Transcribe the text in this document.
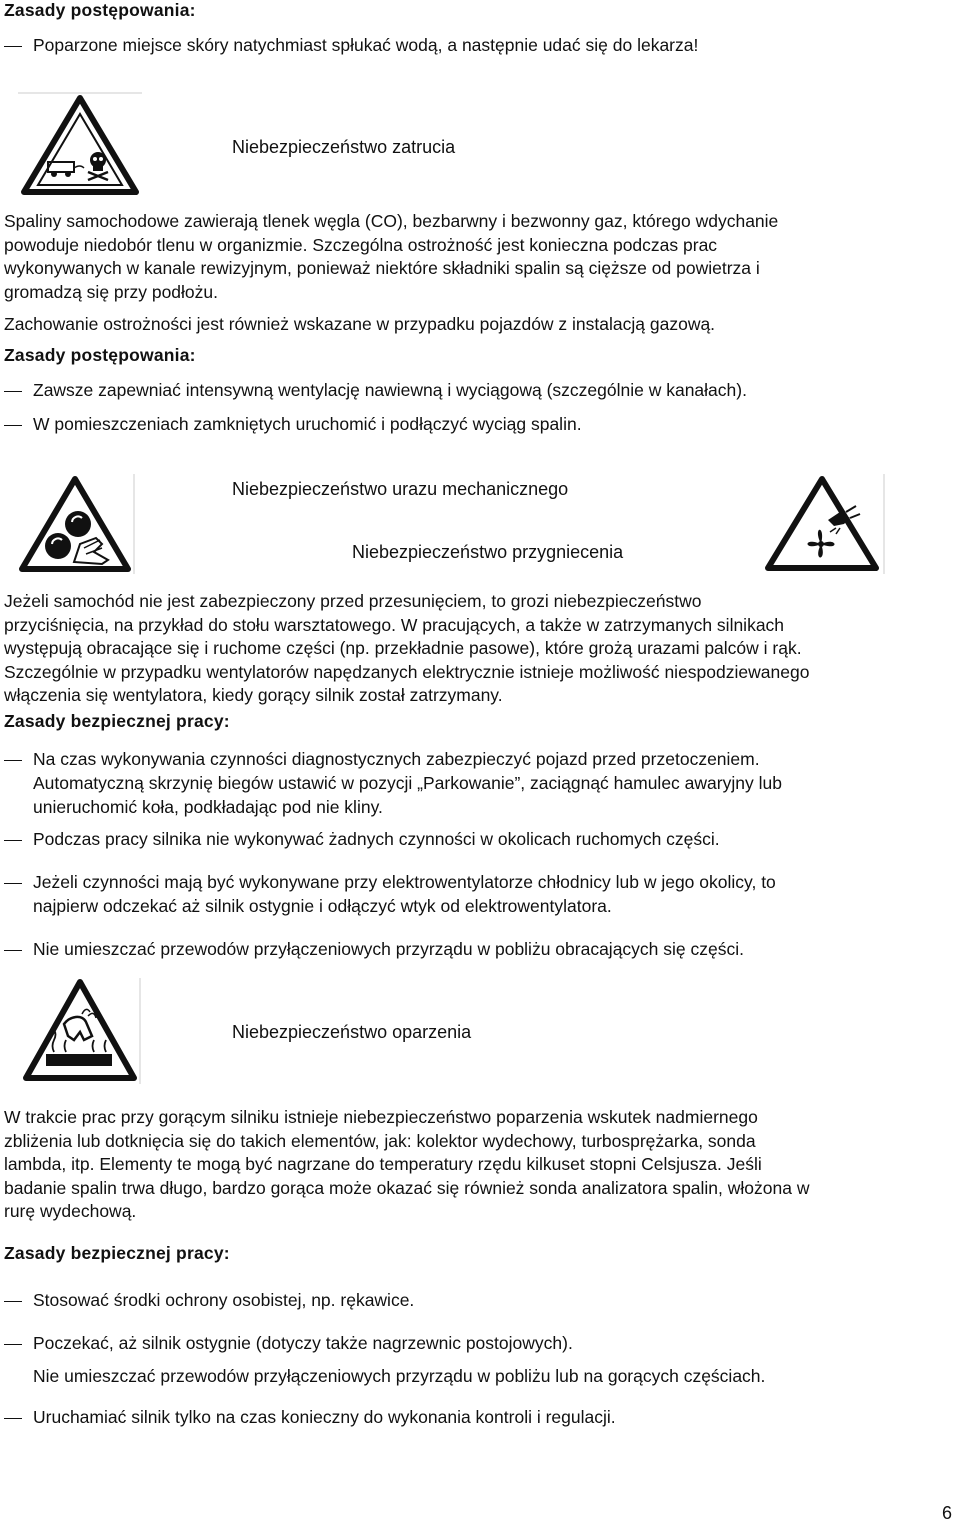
Zasady postępowania:
Poparzone miejsce skóry natychmiast spłukać wodą, a następnie udać się do lekarza!
Niebezpieczeństwo zatrucia
Spaliny samochodowe zawierają tlenek węgla (CO), bezbarwny i bezwonny gaz, którego wdychanie
powoduje niedobór tlenu w organizmie. Szczególna ostrożność jest konieczna podczas prac
wykonywanych w kanale rewizyjnym, ponieważ niektóre składniki spalin są cięższe od powietrza i
gromadzą się przy podłożu.
Zachowanie ostrożności jest również wskazane w przypadku pojazdów z instalacją gazową.
Zasady postępowania:
Zawsze zapewniać intensywną wentylację nawiewną i wyciągową (szczególnie w kanałach).
W pomieszczeniach zamkniętych uruchomić i podłączyć wyciąg spalin.
Niebezpieczeństwo urazu mechanicznego
Niebezpieczeństwo przygniecenia
Jeżeli samochód nie jest zabezpieczony przed przesunięciem, to grozi niebezpieczeństwo
przyciśnięcia, na przykład do stołu warsztatowego. W pracujących, a także w zatrzymanych silnikach
występują obracające się i ruchome części (np. przekładnie pasowe), które grożą urazami palców i rąk.
Szczególnie w przypadku wentylatorów napędzanych elektrycznie istnieje możliwość niespodziewanego
włączenia się wentylatora, kiedy gorący silnik został zatrzymany.
Zasady bezpiecznej pracy:
Na czas wykonywania czynności diagnostycznych zabezpieczyć pojazd przed przetoczeniem.
Automatyczną skrzynię biegów ustawić w pozycji „Parkowanie”, zaciągnąć hamulec awaryjny lub
unieruchomić koła, podkładając pod nie kliny.
Podczas pracy silnika nie wykonywać żadnych czynności w okolicach ruchomych części.
Jeżeli czynności mają być wykonywane przy elektrowentylatorze chłodnicy lub w jego okolicy, to
najpierw odczekać aż silnik ostygnie i odłączyć wtyk od elektrowentylatora.
Nie umieszczać przewodów przyłączeniowych przyrządu w pobliżu obracających się części.
Niebezpieczeństwo oparzenia
W trakcie prac przy gorącym silniku istnieje niebezpieczeństwo poparzenia wskutek nadmiernego
zbliżenia lub dotknięcia się do takich elementów, jak: kolektor wydechowy, turbosprężarka, sonda
lambda, itp. Elementy te mogą być nagrzane do temperatury rzędu kilkuset stopni Celsjusza. Jeśli
badanie spalin trwa długo, bardzo gorąca może okazać się również sonda analizatora spalin, włożona w
rurę wydechową.
Zasady bezpiecznej pracy:
Stosować środki ochrony osobistej, np. rękawice.
Poczekać, aż silnik ostygnie (dotyczy także nagrzewnic postojowych).
Nie umieszczać przewodów przyłączeniowych przyrządu w pobliżu lub na gorących częściach.
Uruchamiać silnik tylko na czas konieczny do wykonania kontroli i regulacji.
6
